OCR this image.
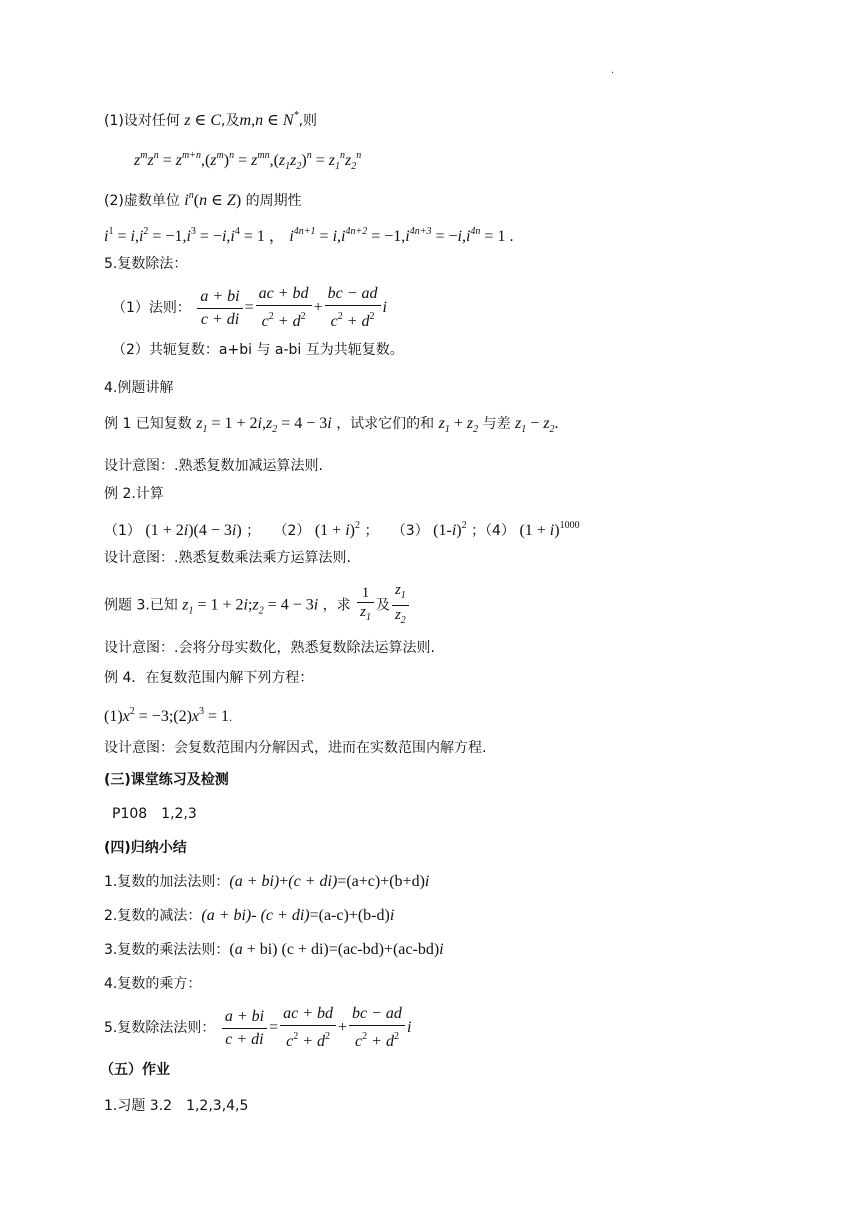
·
(1)设对任何 z ∈ C,及m,n ∈ N*,则
$z^mz^n = z^{m+n},(z^m)^n = z^{mn},(z_1z_2)^n = z_1^nz_2^n$
(2)虚数单位 $i^n(n$ ∈ Z) 的周期性
$i^1 = i,i^2 = -1,i^3 = -i,i^4 = 1$ ， $i^{4n+1} = i,i^{4n+2} = -1,i^{4n+3} = -i,i^{4n} = 1$ .
5.复数除法：
（1）法则： $\frac{a + bi}{c + di} = \frac{ac + bd}{c^2 + d^2} + \frac{bc - ad}{c^2 + d^2}$ i
（2）共轭复数：a+bi 与 a-bi 互为共轭复数。
4.例题讲解
例 1 已知复数 $z_1 = 1 + 2i,z_2 = 4 - 3i$ ，试求它们的和 $z_1 + z_2$ 与差 $z_1 - z_2$.
设计意图：.熟悉复数加减运算法则.
例 2.计算
（1） (1 + 2i)(4 − 3i) ； （2） $(1 + i)^2$ ； （3） $(1-i)^2$ ；（4） $(1 + i)^{1000}$
设计意图：.熟悉复数乘法乘方运算法则.
例题 3.已知 $z_1 = 1$ + $2i;z_2 = 4 - 3i$ ，求 $\frac{1}{z_1}$ 及 $\frac{z_1}{z_2}$
设计意图：.会将分母实数化，熟悉复数除法运算法则.
例 4．在复数范围内解下列方程：
$(1)x^2$ = $-3;(2)x^3 = 1$.
设计意图：会复数范围内分解因式，进而在实数范围内解方程.
(三)课堂练习及检测
P108　1,2,3
(四)归纳小结
1.复数的加法法则：(a + bi)+(c + di)=(a+c)+(b+d)i
2.复数的减法：(a + bi)- (c + di)=(a-c)+(b-d)i
3.复数的乘法法则：(a + bi) (c + di)=(ac-bd)+(ac-bd)i
4.复数的乘方：
5.复数除法法则： $\frac{a + bi}{c + di} = \frac{ac + bd}{c^2 + d^2} + \frac{bc - ad}{c^2 + d^2}$ i
（五）作业
1.习题 3.2　1,2,3,4,5
